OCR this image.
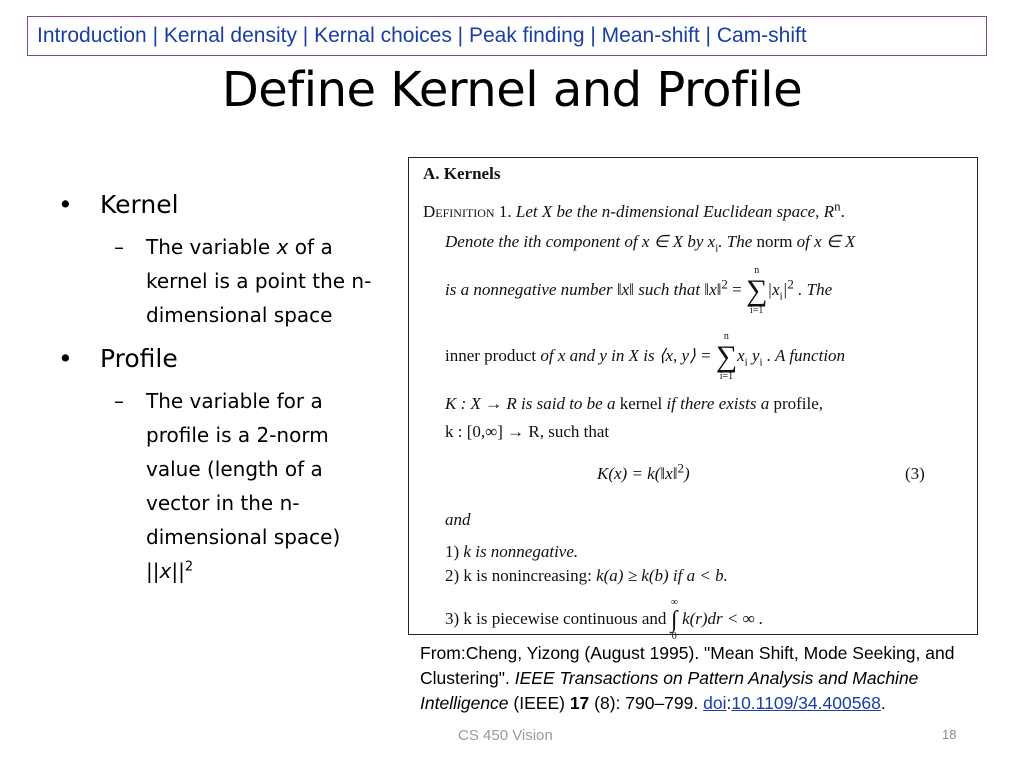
Introduction | Kernal density | Kernal choices | Peak finding | Mean-shift | Cam-shift
Define Kernel and Profile
• Kernel
– The variable x of a kernel is a point the n-dimensional space
• Profile
– The variable for a profile is a 2-norm value (length of a vector in the n-dimensional space) $||x||^2$
A. Kernels
Definition 1. Let X be the n-dimensional Euclidean space, $R^n$.
Denote the ith component of x ∈ X by $x_i$. The norm of x ∈ X
is a nonnegative number ‖x‖ such that ‖x‖$^2$ =
n
∑
i=1
$|x_i|^2$ . The
inner product of x and y in X is ⟨x, y⟩ =
n
∑
i=1
$x_i$ $y_i$ . A function
K : X → R is said to be a kernel if there exists a profile,
k : [0,∞] → R, such that
K(x) = k(‖x‖$^2$)	(3)
and
1) k is nonnegative.
2) k is nonincreasing: k(a) ≥ k(b) if a < b.
3) k is piecewise continuous and
∞
∫
0
k(r)dr < ∞ .
From:Cheng, Yizong (August 1995). "Mean Shift, Mode Seeking, and Clustering". IEEE Transactions on Pattern Analysis and Machine Intelligence (IEEE) 17 (8): 790–799. doi:10.1109/34.400568.
CS 450 Vision	18
